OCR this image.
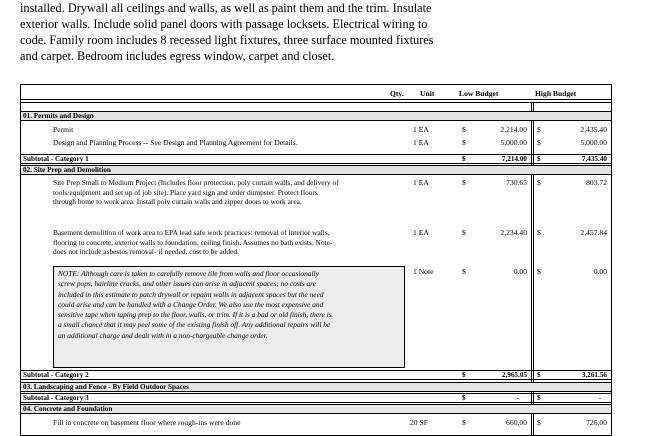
installed. Drywall all ceilings and walls, as well as paint them and the trim. Insulate

exterior walls. Include solid panel doors with passage locksets. Electrical wiring to

code. Family room includes 8 recessed light fixtures, three surface mounted fixtures

and carpet. Bedroom includes egress window, carpet and closet.

Qty. Unit	Low Budget	High Budget
01. Permits and Design
Permit	1 EA	$	2,214.00 $	2,435.40
Design and Planning Process -- See Design and Planning Agreement for Details.	1 EA	$	5,000.00 $	5,000.00
Subtotal - Category 1	$	7,214.00 $	7,435.40
02. Site Prep and Demolition
Site Prep Small to Medium Project (Includes floor protection, poly curtain walls, and delivery of
tools/equipment and set up of job site). Place yard sign and order dumpster. Protect floors
through home to work area. Install poly curtain walls and zipper doors to work area.
1 EA	$	730.65 $	803.72
Basement demolition of work area to EPA lead safe work practices: removal of interior walls,
flooring to concrete, exterior walls to foundation, ceiling finish. Assumes no bath exists. Note-
does not include asbestos removal- if needed, cost to be added.
1 EA	$	2,234.40 $	2,457.84
NOTE: Although care is taken to carefully remove tile from walls and floor occasionally
screw pops, hairline cracks, and other issues can arise in adjacent spaces; no costs are
included in this estimate to patch drywall or repaint walls in adjacent spaces but the need
could arise and can be handled with a Change Order. We also use the most expensive and
sensitive tape when taping prep to the floor, walls, or trim. If it is a bad or old finish, there is
a small chance that it may peel some of the existing finish off. Any additional repairs will be
an additional charge and dealt with in a non-chargeable change order.
1 Note	$	0.00 $	0.00
Subtotal - Category 2	$	2,965.05 $	3,261.56
03. Landscaping and Fence - By Field Outdoor Spaces
Subtotal - Category 3	$	-	$	-
04. Concrete and Foundation
Fill in concrete on basement floor where rough-ins were done	20 SF	$	660.00 $	726.00
